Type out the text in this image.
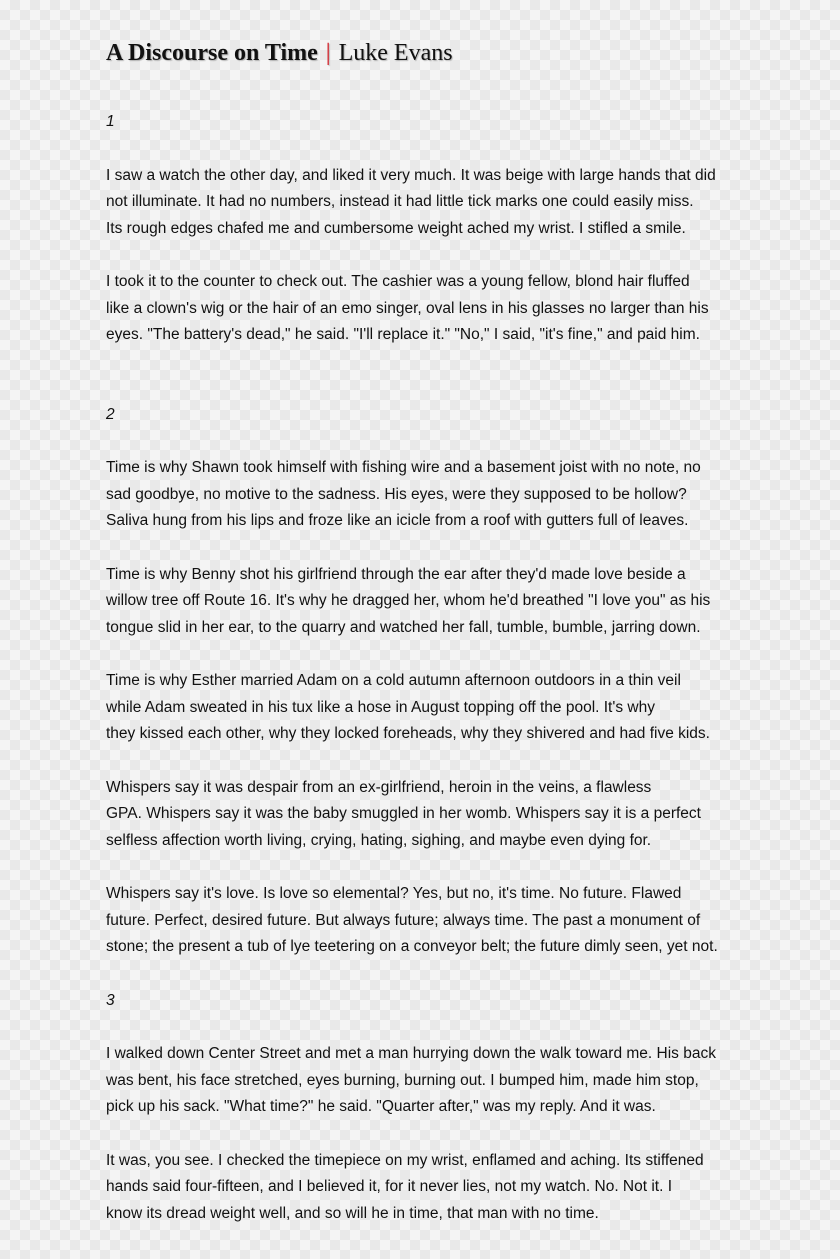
A Discourse on Time | Luke Evans

1

I saw a watch the other day, and liked it very much. It was beige with large hands that did
not illuminate. It had no numbers, instead it had little tick marks one could easily miss.
Its rough edges chafed me and cumbersome weight ached my wrist. I stifled a smile.

I took it to the counter to check out. The cashier was a young fellow, blond hair fluffed
like a clown's wig or the hair of an emo singer, oval lens in his glasses no larger than his
eyes. "The battery's dead," he said. "I'll replace it." "No," I said, "it's fine," and paid him.

2

Time is why Shawn took himself with fishing wire and a basement joist with no note, no
sad goodbye, no motive to the sadness. His eyes, were they supposed to be hollow?
Saliva hung from his lips and froze like an icicle from a roof with gutters full of leaves.

Time is why Benny shot his girlfriend through the ear after they'd made love beside a
willow tree off Route 16. It's why he dragged her, whom he'd breathed "I love you" as his
tongue slid in her ear, to the quarry and watched her fall, tumble, bumble, jarring down.

Time is why Esther married Adam on a cold autumn afternoon outdoors in a thin veil
while Adam sweated in his tux like a hose in August topping off the pool. It's why
they kissed each other, why they locked foreheads, why they shivered and had five kids.

Whispers say it was despair from an ex-girlfriend, heroin in the veins, a flawless
GPA. Whispers say it was the baby smuggled in her womb. Whispers say it is a perfect
selfless affection worth living, crying, hating, sighing, and maybe even dying for.

Whispers say it's love. Is love so elemental? Yes, but no, it's time. No future. Flawed
future. Perfect, desired future. But always future; always time. The past a monument of
stone; the present a tub of lye teetering on a conveyor belt; the future dimly seen, yet not.

3

I walked down Center Street and met a man hurrying down the walk toward me. His back
was bent, his face stretched, eyes burning, burning out. I bumped him, made him stop,
pick up his sack. "What time?" he said. "Quarter after," was my reply. And it was.

It was, you see. I checked the timepiece on my wrist, enflamed and aching. Its stiffened
hands said four-fifteen, and I believed it, for it never lies, not my watch. No. Not it. I
know its dread weight well, and so will he in time, that man with no time.
